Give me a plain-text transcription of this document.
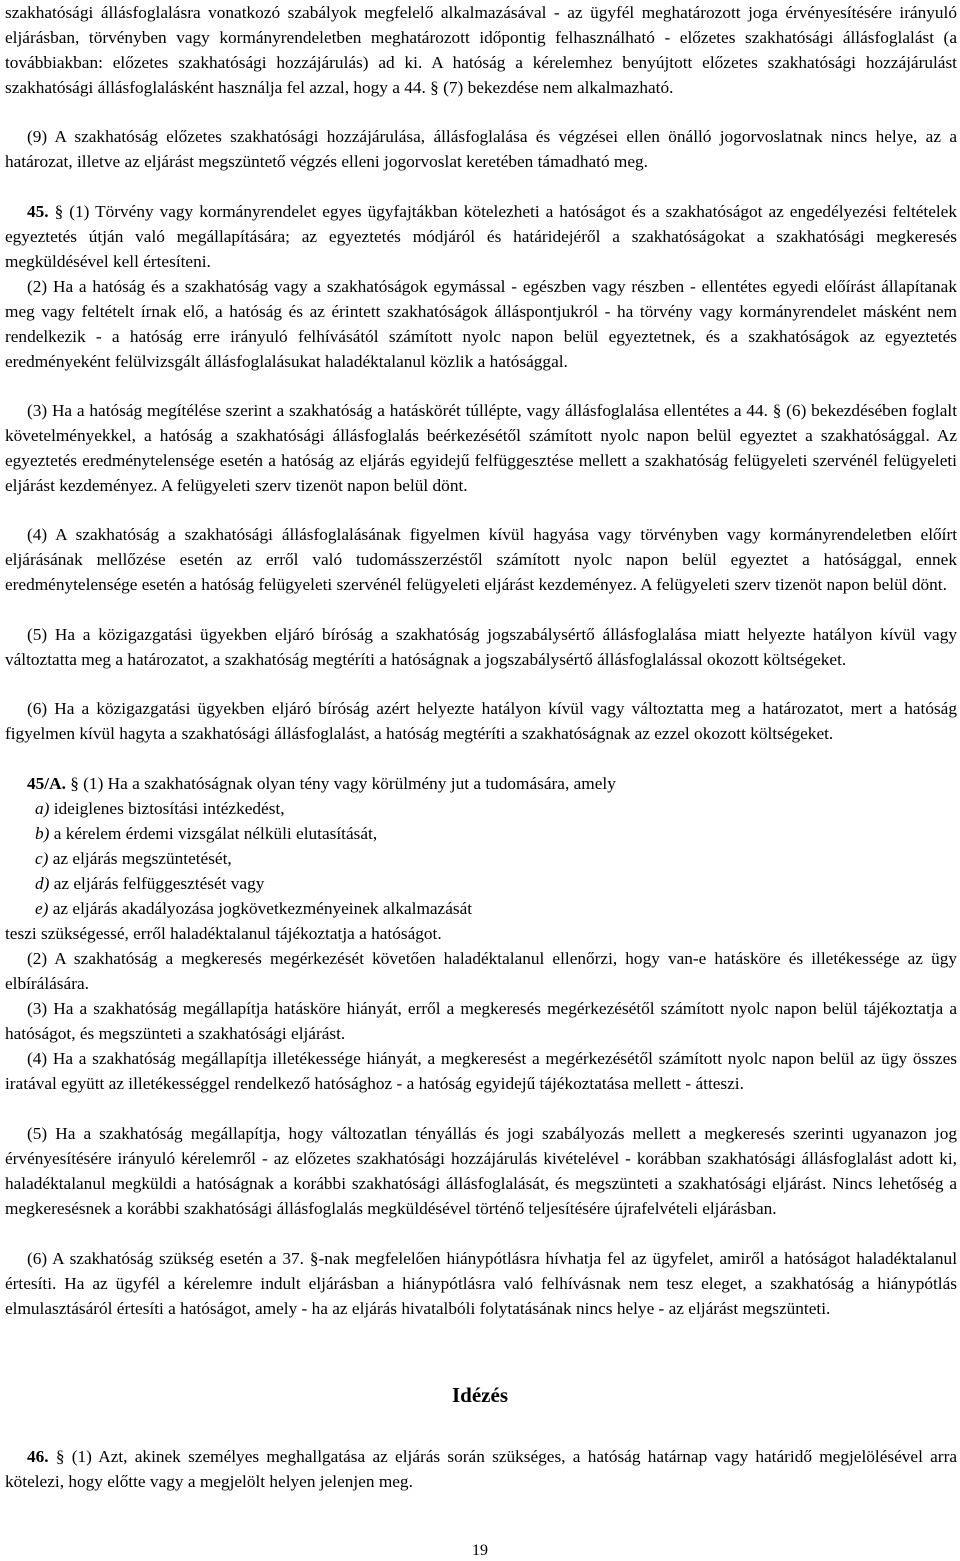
szakhatósági állásfoglalásra vonatkozó szabályok megfelelő alkalmazásával - az ügyfél meghatározott joga érvényesítésére irányuló eljárásban, törvényben vagy kormányrendeletben meghatározott időpontig felhasználható - előzetes szakhatósági állásfoglalást (a továbbiakban: előzetes szakhatósági hozzájárulás) ad ki. A hatóság a kérelemhez benyújtott előzetes szakhatósági hozzájárulást szakhatósági állásfoglalásként használja fel azzal, hogy a 44. § (7) bekezdése nem alkalmazható.

(9) A szakhatóság előzetes szakhatósági hozzájárulása, állásfoglalása és végzései ellen önálló jogorvoslatnak nincs helye, az a határozat, illetve az eljárást megszüntető végzés elleni jogorvoslat keretében támadható meg.

45. § (1) Törvény vagy kormányrendelet egyes ügyfajtákban kötelezheti a hatóságot és a szakhatóságot az engedélyezési feltételek egyeztetés útján való megállapítására; az egyeztetés módjáról és határidejéről a szakhatóságokat a szakhatósági megkeresés megküldésével kell értesíteni.

(2) Ha a hatóság és a szakhatóság vagy a szakhatóságok egymással - egészben vagy részben - ellentétes egyedi előírást állapítanak meg vagy feltételt írnak elő, a hatóság és az érintett szakhatóságok álláspontjukról - ha törvény vagy kormányrendelet másként nem rendelkezik - a hatóság erre irányuló felhívásától számított nyolc napon belül egyeztetnek, és a szakhatóságok az egyeztetés eredményeként felülvizsgált állásfoglalásukat haladéktalanul közlik a hatósággal.

(3) Ha a hatóság megítélése szerint a szakhatóság a hatáskörét túllépte, vagy állásfoglalása ellentétes a 44. § (6) bekezdésében foglalt követelményekkel, a hatóság a szakhatósági állásfoglalás beérkezésétől számított nyolc napon belül egyeztet a szakhatósággal. Az egyeztetés eredménytelensége esetén a hatóság az eljárás egyidejű felfüggesztése mellett a szakhatóság felügyeleti szervénél felügyeleti eljárást kezdeményez. A felügyeleti szerv tizenöt napon belül dönt.

(4) A szakhatóság a szakhatósági állásfoglalásának figyelmen kívül hagyása vagy törvényben vagy kormányrendeletben előírt eljárásának mellőzése esetén az erről való tudomásszerzéstől számított nyolc napon belül egyeztet a hatósággal, ennek eredménytelensége esetén a hatóság felügyeleti szervénél felügyeleti eljárást kezdeményez. A felügyeleti szerv tizenöt napon belül dönt.

(5) Ha a közigazgatási ügyekben eljáró bíróság a szakhatóság jogszabálysértő állásfoglalása miatt helyezte hatályon kívül vagy változtatta meg a határozatot, a szakhatóság megtéríti a hatóságnak a jogszabálysértő állásfoglalással okozott költségeket.

(6) Ha a közigazgatási ügyekben eljáró bíróság azért helyezte hatályon kívül vagy változtatta meg a határozatot, mert a hatóság figyelmen kívül hagyta a szakhatósági állásfoglalást, a hatóság megtéríti a szakhatóságnak az ezzel okozott költségeket.

45/A. § (1) Ha a szakhatóságnak olyan tény vagy körülmény jut a tudomására, amely

a) ideiglenes biztosítási intézkedést,

b) a kérelem érdemi vizsgálat nélküli elutasítását,

c) az eljárás megszüntetését,

d) az eljárás felfüggesztését vagy

e) az eljárás akadályozása jogkövetkezményeinek alkalmazását

teszi szükségessé, erről haladéktalanul tájékoztatja a hatóságot.

(2) A szakhatóság a megkeresés megérkezését követően haladéktalanul ellenőrzi, hogy van-e hatásköre és illetékessége az ügy elbírálására.

(3) Ha a szakhatóság megállapítja hatásköre hiányát, erről a megkeresés megérkezésétől számított nyolc napon belül tájékoztatja a hatóságot, és megszünteti a szakhatósági eljárást.

(4) Ha a szakhatóság megállapítja illetékessége hiányát, a megkeresést a megérkezésétől számított nyolc napon belül az ügy összes iratával együtt az illetékességgel rendelkező hatósághoz - a hatóság egyidejű tájékoztatása mellett - átteszi.

(5) Ha a szakhatóság megállapítja, hogy változatlan tényállás és jogi szabályozás mellett a megkeresés szerinti ugyanazon jog érvényesítésére irányuló kérelemről - az előzetes szakhatósági hozzájárulás kivételével - korábban szakhatósági állásfoglalást adott ki, haladéktalanul megküldi a hatóságnak a korábbi szakhatósági állásfoglalását, és megszünteti a szakhatósági eljárást. Nincs lehetőség a megkeresésnek a korábbi szakhatósági állásfoglalás megküldésével történő teljesítésére újrafelvételi eljárásban.

(6) A szakhatóság szükség esetén a 37. §-nak megfelelően hiánypótlásra hívhatja fel az ügyfelet, amiről a hatóságot haladéktalanul értesíti. Ha az ügyfél a kérelemre indult eljárásban a hiánypótlásra való felhívásnak nem tesz eleget, a szakhatóság a hiánypótlás elmulasztásáról értesíti a hatóságot, amely - ha az eljárás hivatalbóli folytatásának nincs helye - az eljárást megszünteti.

Idézés

46. § (1) Azt, akinek személyes meghallgatása az eljárás során szükséges, a hatóság határnap vagy határidő megjelölésével arra kötelezi, hogy előtte vagy a megjelölt helyen jelenjen meg.

19
